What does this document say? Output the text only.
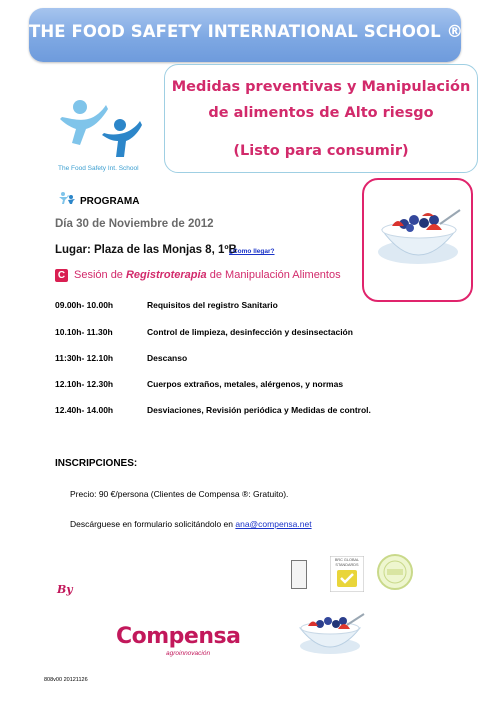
THE FOOD SAFETY INTERNATIONAL SCHOOL ®
The Food Safety Int. School
Medidas preventivas y Manipulación
de alimentos de Alto riesgo
(Listo para consumir)
PROGRAMA
Día 30 de Noviembre de 2012
Lugar: Plaza de las Monjas 8, 1ºB
¿Como llegar?
C Sesión de Registroterapia de Manipulación Alimentos
09.00h- 10.00h	Requisitos del registro Sanitario
10.10h- 11.30h	Control de limpieza, desinfección y desinsectación
11:30h- 12.10h	Descanso
12.10h- 12.30h	Cuerpos extraños, metales, alérgenos, y normas
12.40h- 14.00h	Desviaciones, Revisión periódica y Medidas de control.
INSCRIPCIONES:
Precio: 90 €/persona (Clientes de Compensa ®: Gratuito).
Descárguese en formulario solicitándolo en ana@compensa.net
BRC GLOBAL STANDARDS
By
Compensa
agroinnovación
808v00 20121126
